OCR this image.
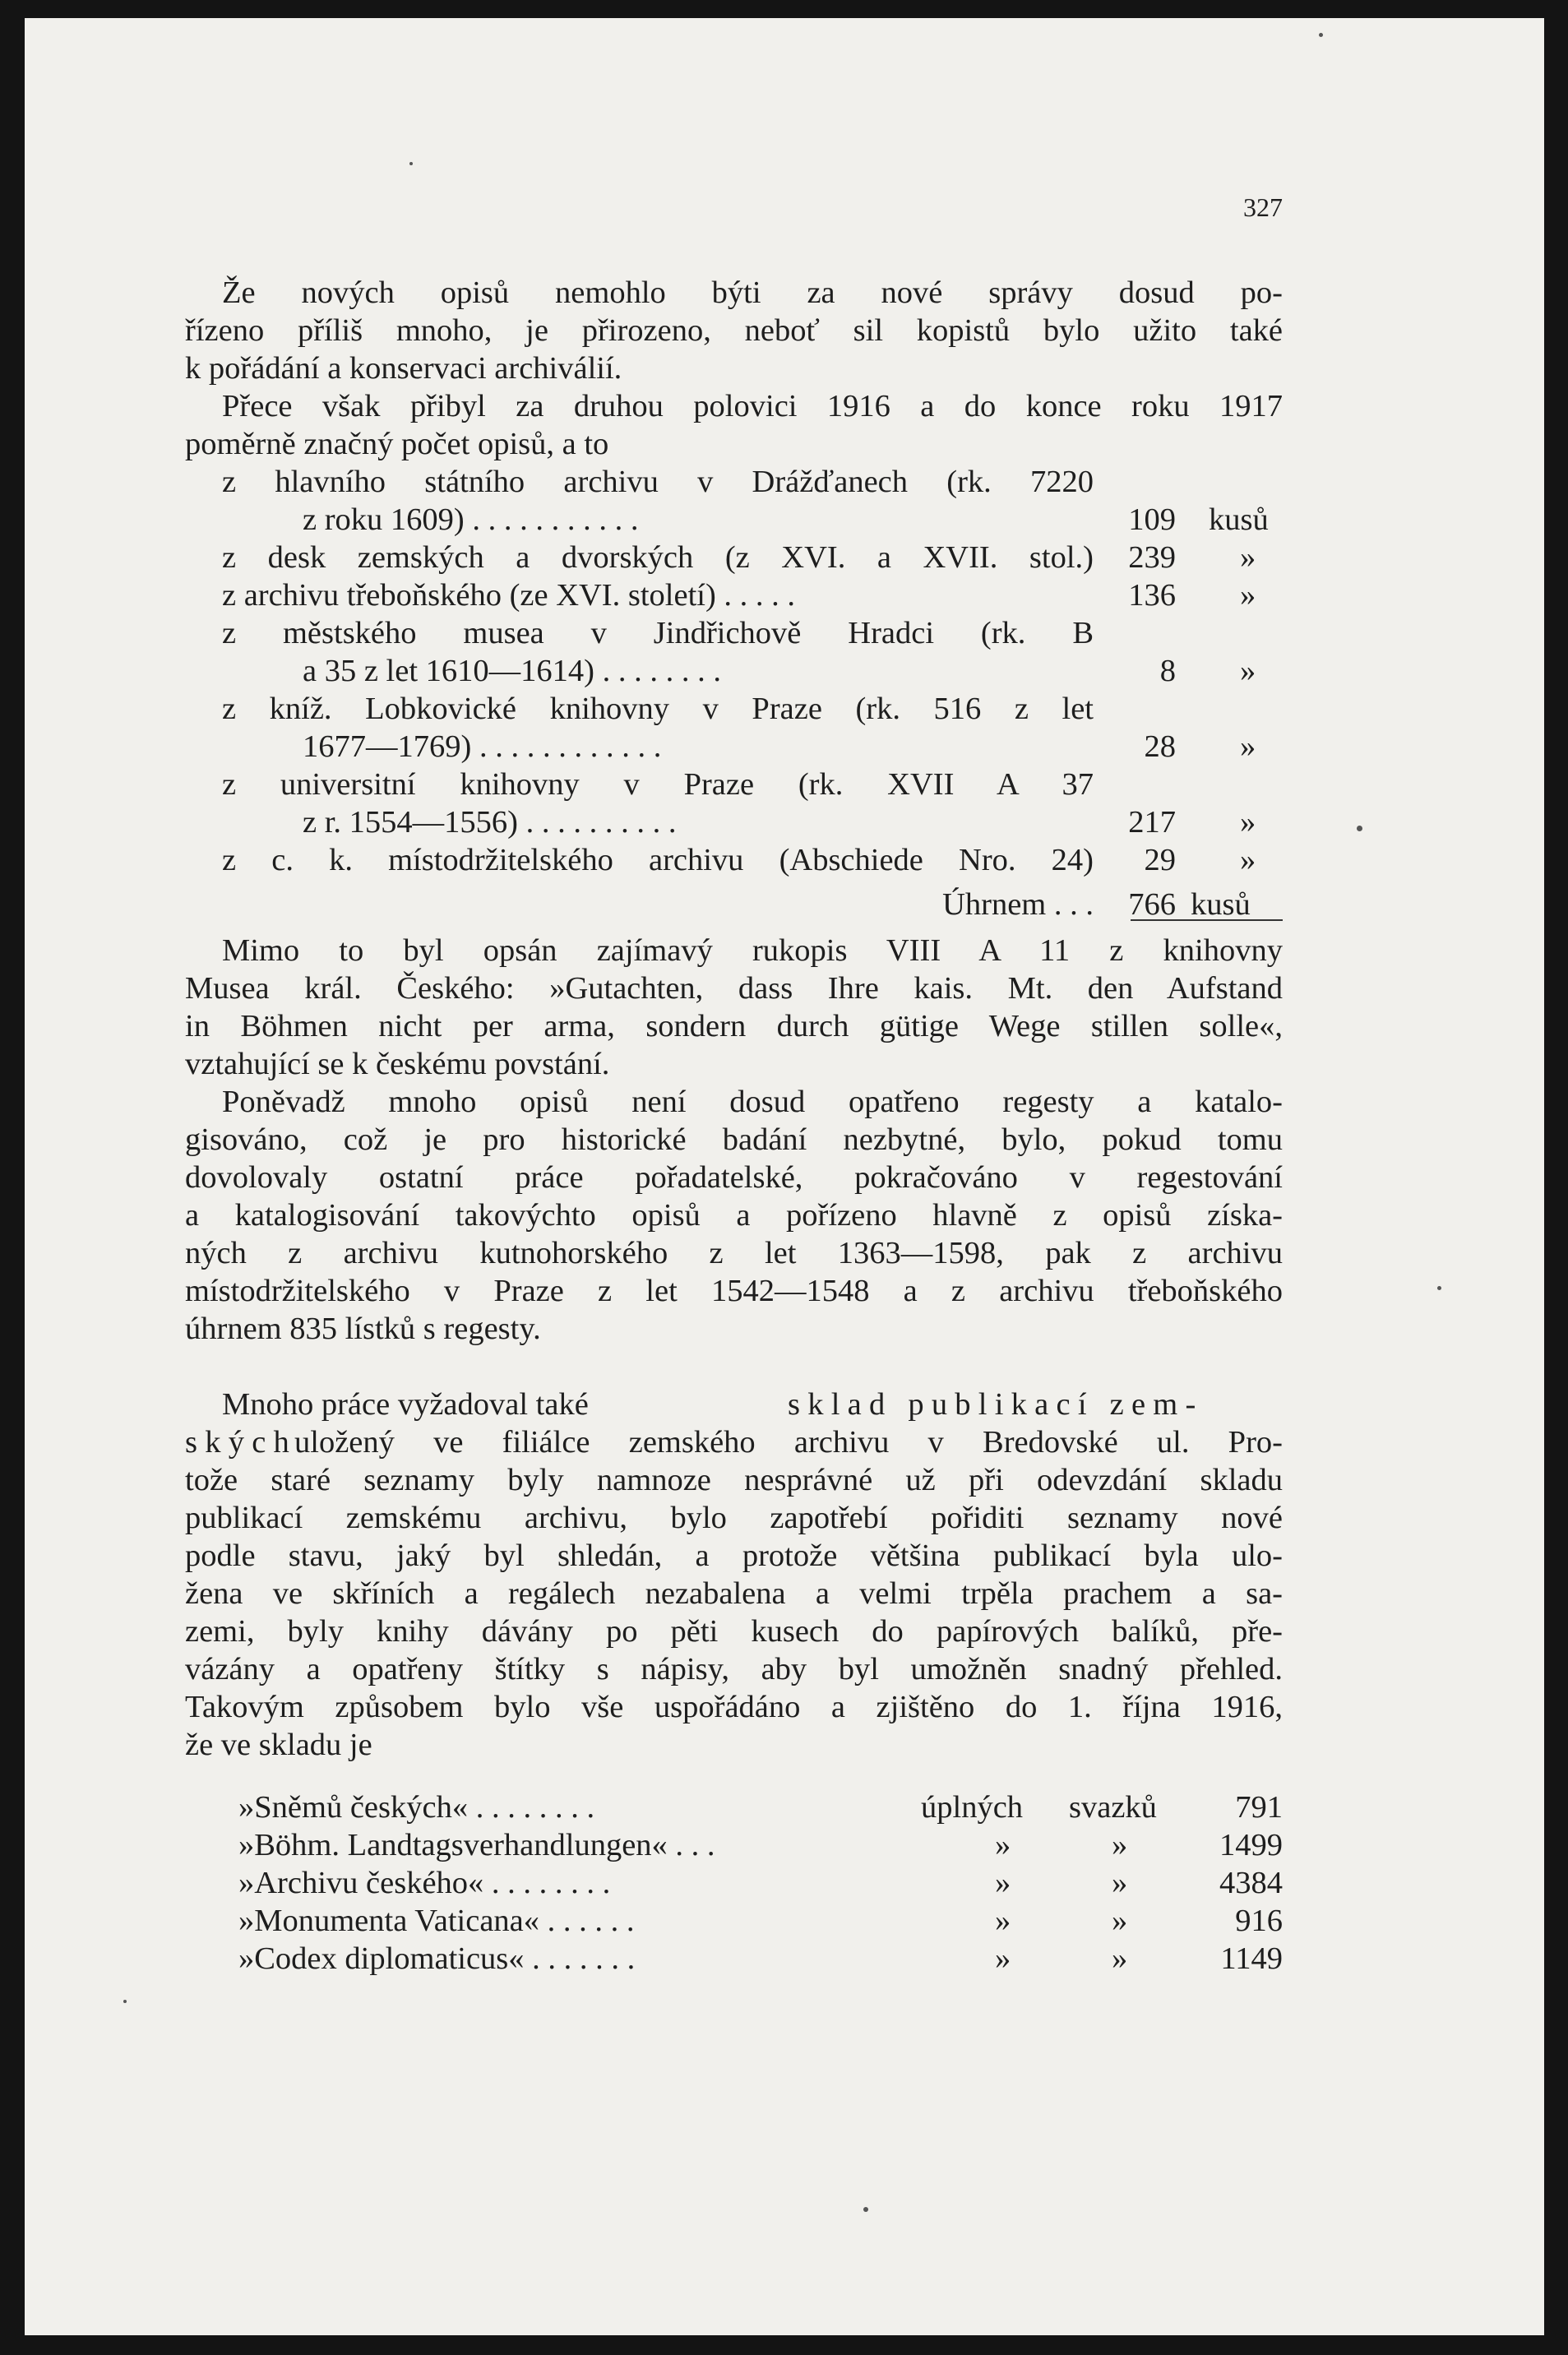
327
Že nových opisů nemohlo býti za nové správy dosud po-
řízeno příliš mnoho, je přirozeno, neboť sil kopistů bylo užito také
k pořádání a konservaci archiválií.
Přece však přibyl za druhou polovici 1916 a do konce roku 1917
poměrně značný počet opisů, a to
z hlavního státního archivu v Drážďanech (rk. 7220
z roku 1609) . . . . . . . . . . .	109 kusů
z desk zemských a dvorských (z XVI. a XVII. stol.)	239 »
z archivu třeboňského (ze XVI. století) . . . . .	136 »
z městského musea v Jindřichově Hradci (rk. B
a 35 z let 1610—1614) . . . . . . . .	8 »
z kníž. Lobkovické knihovny v Praze (rk. 516 z let
1677—1769) . . . . . . . . . . . .	28 »
z universitní knihovny v Praze (rk. XVII A 37
z r. 1554—1556) . . . . . . . . . .	217 »
z c. k. místodržitelského archivu (Abschiede Nro. 24)	29 »
Úhrnem . . .	766 kusů
Mimo to byl opsán zajímavý rukopis VIII A 11 z knihovny
Musea král. Českého: »Gutachten, dass Ihre kais. Mt. den Aufstand
in Böhmen nicht per arma, sondern durch gütige Wege stillen solle«,
vztahující se k českému povstání.
Poněvadž mnoho opisů není dosud opatřeno regesty a katalo-
gisováno, což je pro historické badání nezbytné, bylo, pokud tomu
dovolovaly ostatní práce pořadatelské, pokračováno v regestování
a katalogisování takovýchto opisů a pořízeno hlavně z opisů získa-
ných z archivu kutnohorského z let 1363—1598, pak z archivu
místodržitelského v Praze z let 1542—1548 a z archivu třeboňského
úhrnem 835 lístků s regesty.
Mnoho práce vyžadoval také	sklad publikací zem-
ských
uložený ve filiálce zemského archivu v Bredovské ul. Pro-
tože staré seznamy byly namnoze nesprávné už při odevzdání skladu
publikací zemskému archivu, bylo zapotřebí pořiditi seznamy nové
podle stavu, jaký byl shledán, a protože většina publikací byla ulo-
žena ve skříních a regálech nezabalena a velmi trpěla prachem a sa-
zemi, byly knihy dávány po pěti kusech do papírových balíků, pře-
vázány a opatřeny štítky s nápisy, aby byl umožněn snadný přehled.
Takovým způsobem bylo vše uspořádáno a zjištěno do 1. října 1916,
že ve skladu je
»Sněmů českých« . . . . . . . .	úplných svazků	791
»Böhm. Landtagsverhandlungen« . . .	»	»	1499
»Archivu českého« . . . . . . . .	»	»	4384
»Monumenta Vaticana« . . . . . .	»	»	916
»Codex diplomaticus« . . . . . . .	»	»	1149
